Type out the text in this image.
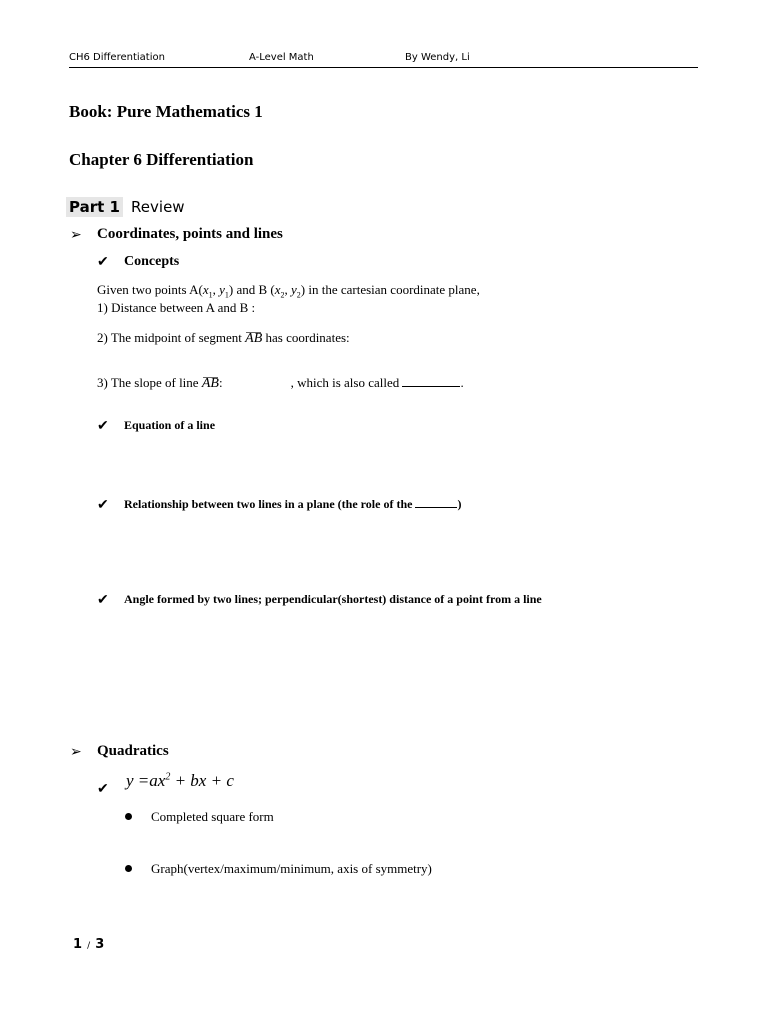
CH6 Differentiation	A-Level Math	By Wendy, Li
Book: Pure Mathematics 1
Chapter 6 Differentiation
Part 1 Review
➢ Coordinates, points and lines
✔ Concepts
Given two points $A(x_1$, $y_1$) and B ($x_2$, $y_2$) in the cartesian coordinate plane,
1) Distance between A and B :
2) The midpoint of segment AB has coordinates:
3) The slope of line AB:	, which is also called	.
✔ Equation of a line
✔ Relationship between two lines in a plane (the role of the	)
✔ Angle formed by two lines; perpendicular(shortest) distance of a point from a line
➢ Quadratics
✔ $y =ax^2$ + bx + c
Completed square form
Graph(vertex/maximum/minimum, axis of symmetry)
1 / 3
